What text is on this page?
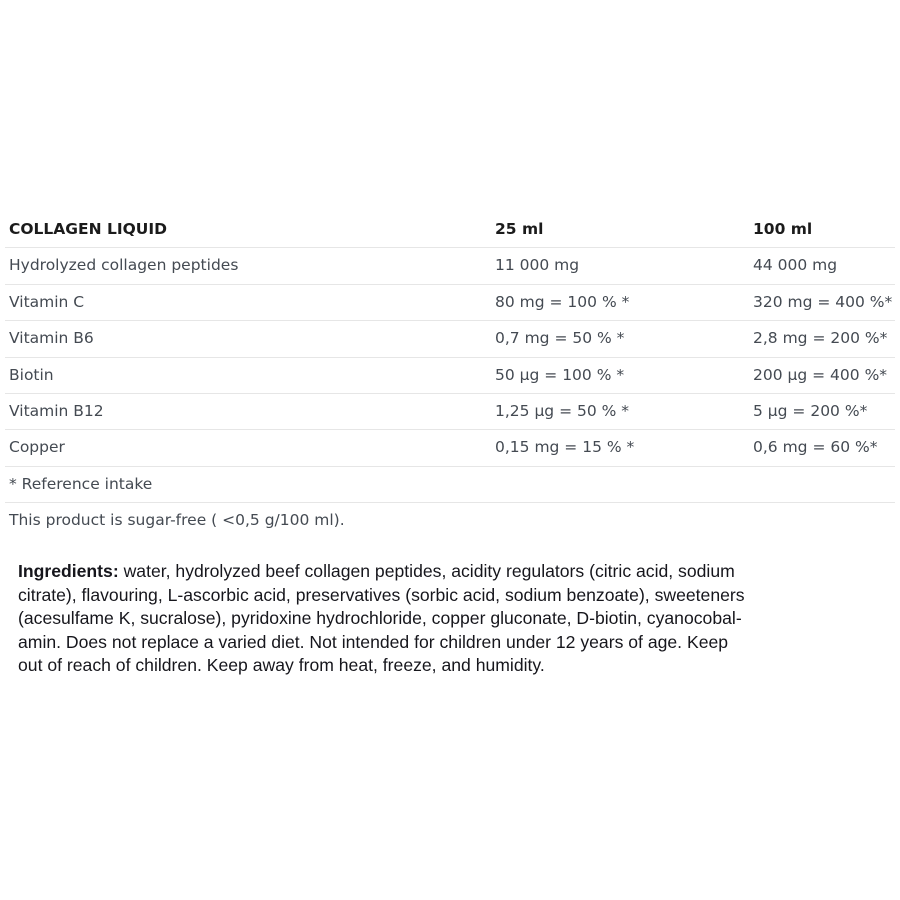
COLLAGEN LIQUID	25 ml	100 ml
Hydrolyzed collagen peptides	11 000 mg	44 000 mg
Vitamin C	80 mg = 100 % *	320 mg = 400 %*
Vitamin B6	0,7 mg = 50 % *	2,8 mg = 200 %*
Biotin	50 µg = 100 % *	200 µg = 400 %*
Vitamin B12	1,25 µg = 50 % *	5 µg = 200 %*
Copper	0,15 mg = 15 % *	0,6 mg = 60 %*
* Reference intake
This product is sugar-free ( <0,5 g/100 ml).
Ingredients: water, hydrolyzed beef collagen peptides, acidity regulators (citric acid, sodium
citrate), flavouring, L-ascorbic acid, preservatives (sorbic acid, sodium benzoate), sweeteners
(acesulfame K, sucralose), pyridoxine hydrochloride, copper gluconate, D-biotin, cyanocobal-
amin. Does not replace a varied diet. Not intended for children under 12 years of age. Keep
out of reach of children. Keep away from heat, freeze, and humidity.
